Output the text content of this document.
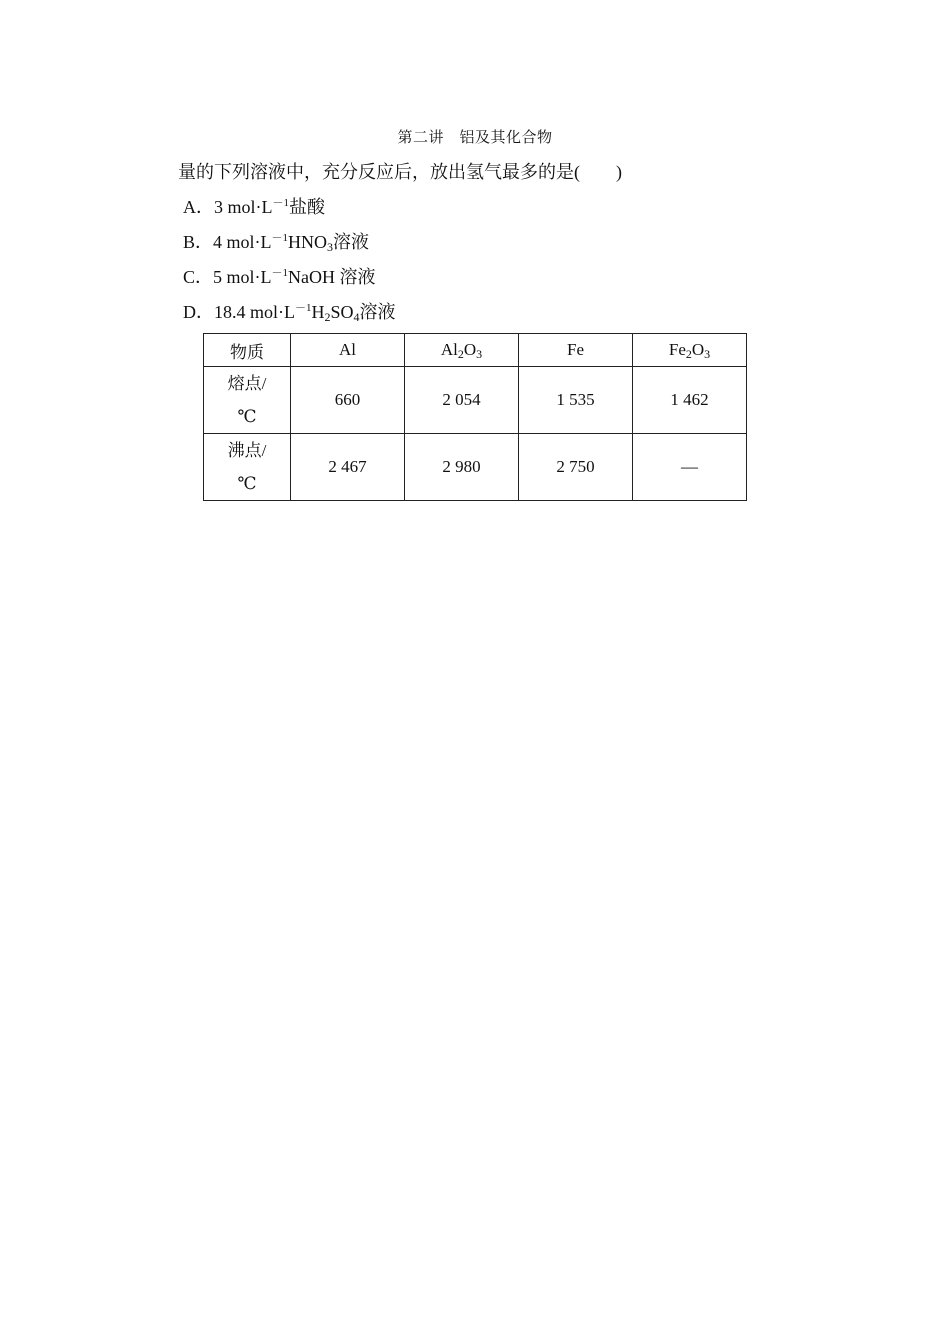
第二讲　铝及其化合物
量的下列溶液中，充分反应后，放出氢气最多的是(　　)
A．3 $mol\cdot L^{-1}$盐酸
B．4 $mol\cdot L^{-1}HNO_3$溶液
C．5 $mol\cdot L^{-1}NaOH$ 溶液
D．18.4 $mol\cdot L^{-1}H_2SO_4$溶液
物质	Al	$Al_2O_3$	Fe	$Fe_2O_3$

熔点/
℃	660	2 054	1 535	1 462

沸点/
℃	2 467	2 980	2 750	—
